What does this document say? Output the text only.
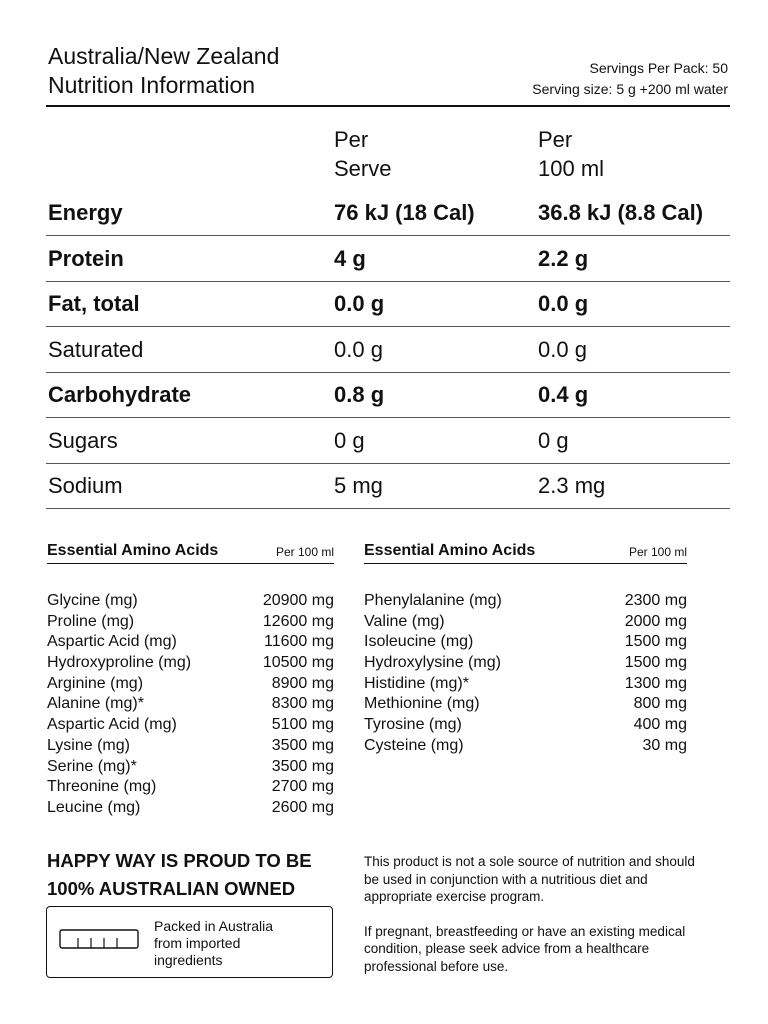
Australia/New Zealand
Nutrition Information
Servings Per Pack: 50
Serving size: 5 g +200 ml water
Per
Serve
Per
100 ml
Energy	76 kJ (18 Cal)	36.8 kJ (8.8 Cal)
Protein	4 g	2.2 g
Fat, total	0.0 g	0.0 g
Saturated	0.0 g	0.0 g
Carbohydrate	0.8 g	0.4 g
Sugars	0 g	0 g
Sodium	5 mg	2.3 mg
Essential Amino Acids	Per 100 ml
Glycine (mg)	20900 mg
Proline (mg)	12600 mg
Aspartic Acid (mg)	11600 mg
Hydroxyproline (mg)	10500 mg
Arginine (mg)	8900 mg
Alanine (mg)*	8300 mg
Aspartic Acid (mg)	5100 mg
Lysine (mg)	3500 mg
Serine (mg)*	3500 mg
Threonine (mg)	2700 mg
Leucine (mg)	2600 mg
Essential Amino Acids	Per 100 ml
Phenylalanine (mg)	2300 mg
Valine (mg)	2000 mg
Isoleucine (mg)	1500 mg
Hydroxylysine (mg)	1500 mg
Histidine (mg)*	1300 mg
Methionine (mg)	800 mg
Tyrosine (mg)	400 mg
Cysteine (mg)	30 mg
HAPPY WAY IS PROUD TO BE
100% AUSTRALIAN OWNED
Packed in Australia
from imported
ingredients

This product is not a sole source of nutrition and should be used in conjunction with a nutritious diet and appropriate exercise program.

If pregnant, breastfeeding or have an existing medical condition, please seek advice from a healthcare professional before use.
